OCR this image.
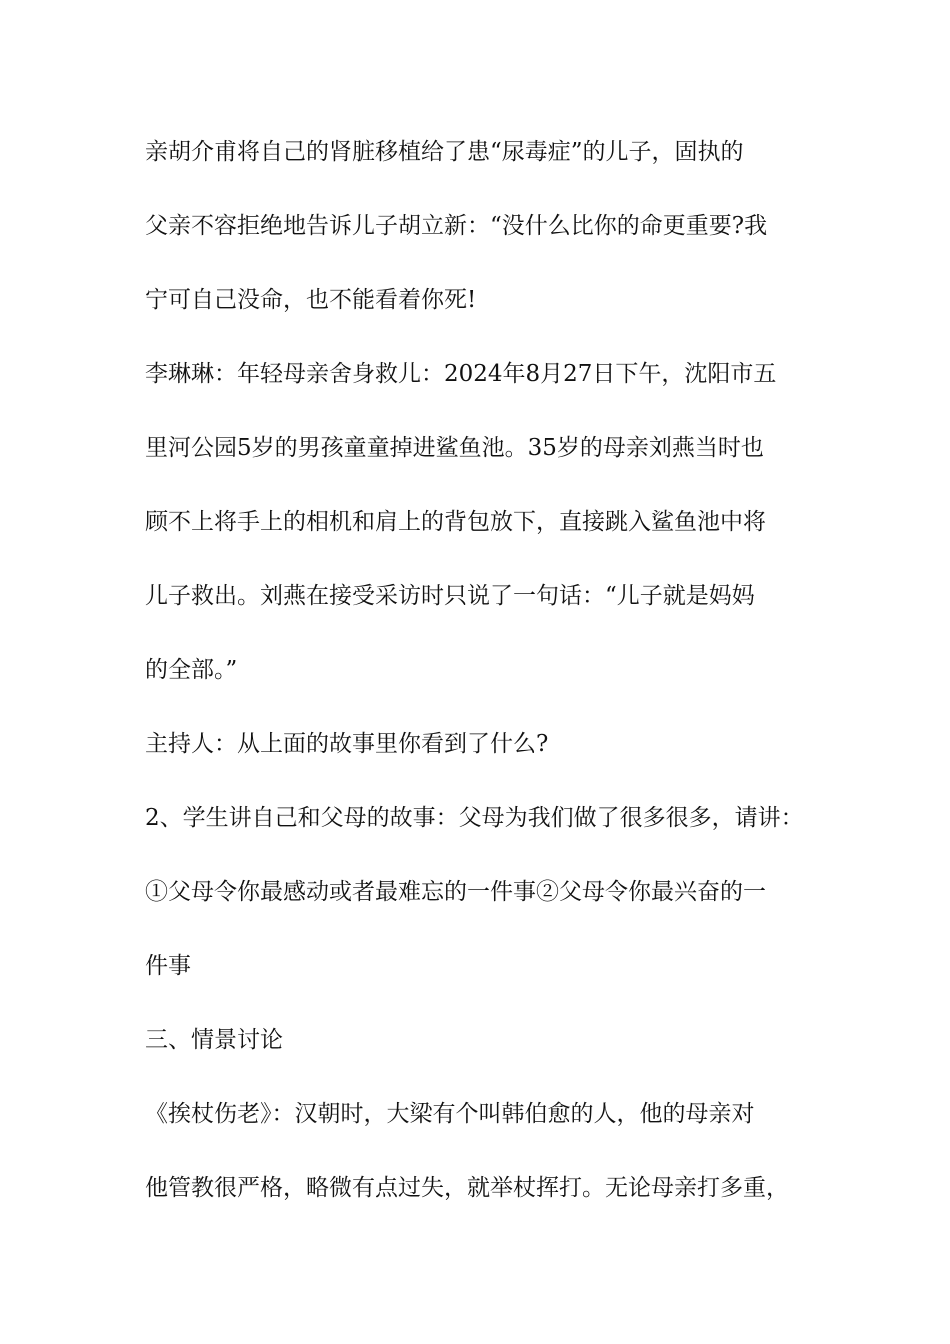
亲胡介甫将自己的肾脏移植给了患“尿毒症”的儿子，固执的
父亲不容拒绝地告诉儿子胡立新：“没什么比你的命更重要?我
宁可自己没命，也不能看着你死!
李琳琳：年轻母亲舍身救儿：2024年8月27日下午，沈阳市五
里河公园5岁的男孩童童掉进鲨鱼池。35岁的母亲刘燕当时也
顾不上将手上的相机和肩上的背包放下，直接跳入鲨鱼池中将
儿子救出。刘燕在接受采访时只说了一句话：“儿子就是妈妈
的全部。”
主持人：从上面的故事里你看到了什么?
2、学生讲自己和父母的故事：父母为我们做了很多很多，请讲：
①父母令你最感动或者最难忘的一件事②父母令你最兴奋的一
件事
三、情景讨论
《挨杖伤老》：汉朝时，大梁有个叫韩伯愈的人，他的母亲对
他管教很严格，略微有点过失，就举杖挥打。无论母亲打多重，
